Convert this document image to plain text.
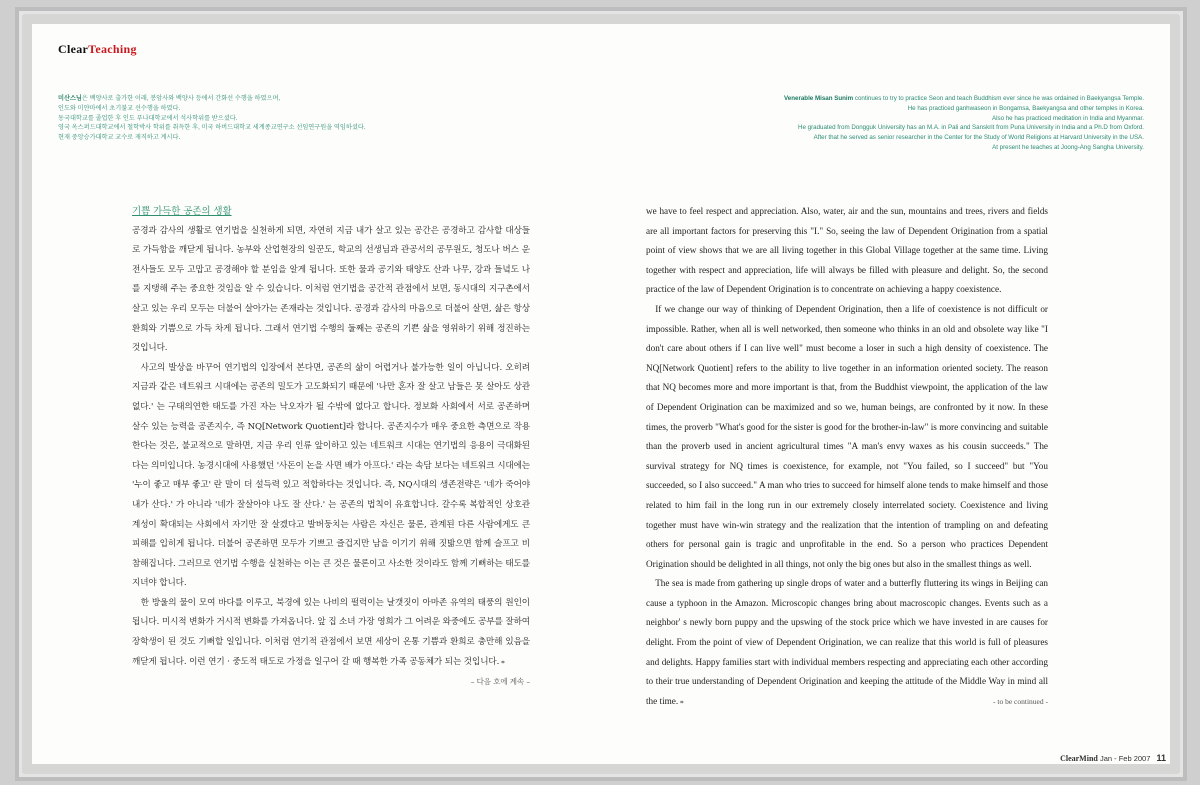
ClearTeaching
미산스님은 백양사로 출가한 이래, 봉암사와 백양사 등에서 간화선 수행을 하였으며,
인도와 미얀마에서 초기불교 선수행을 하였다.
동국대학교를 졸업한 후 인도 푸나대학교에서 석사학위를 받으셨다.
영국 옥스퍼드대학교에서 철학박사 학위를 취득한 후, 미국 하버드대학교 세계종교연구소 선임연구원을 역임하셨다.
현재 중앙승가대학교 교수로 재직하고 계시다.
Venerable Misan Sunim continues to try to practice Seon and teach Buddhism ever since he was ordained in Baekyangsa Temple.
He has practiced ganhwaseon in Bongamsa, Baekyangsa and other temples in Korea.
Also he has practiced meditation in India and Myanmar.
He graduated from Dongguk University has an M.A. in Pali and Sanskrit from Puna University in India and a Ph.D from Oxford.
After that he served as senior researcher in the Center for the Study of World Religions at Harvard University in the USA.
At present he teaches at Joong-Ang Sangha University.
기쁨 가득한 공존의 생활

공경과 감사의 생활로 연기법을 실천하게 되면, 자연히 지금 내가 살고 있는 공간은 공경하고 감사할 대상들로 가득함을 깨닫게 됩니다. 농부와 산업현장의 일꾼도, 학교의 선생님과 관공서의 공무원도, 청도나 버스 운전사들도 모두 고맙고 공경해야 할 분임을 알게 됩니다. 또한 물과 공기와 태양도 산과 나무, 강과 들녘도 나를 지탱해 주는 중요한 것임을 알 수 있습니다. 이처럼 연기법을 공간적 관점에서 보면, 동시대의 지구촌에서 살고 있는 우리 모두는 더불어 살아가는 존재라는 것입니다. 공경과 감사의 마음으로 더불어 살면, 삶은 항상 환희와 기쁨으로 가득 차게 됩니다. 그래서 연기법 수행의 둘째는 공존의 기쁜 삶을 영위하기 위해 정진하는 것입니다.

사고의 발상을 바꾸어 연기법의 입장에서 본다면, 공존의 삶이 어렵거나 불가능한 일이 아닙니다. 오히려 지금과 같은 네트워크 시대에는 공존의 밀도가 고도화되기 때문에 '나만 혼자 잘 살고 남들은 못 살아도 상관없다.' 는 구태의연한 태도를 가진 자는 낙오자가 될 수밖에 없다고 합니다. 정보화 사회에서 서로 공존하며 살수 있는 능력을 공존지수, 즉 NQ[Network Quotient]라 합니다. 공존지수가 매우 중요한 측면으로 작용한다는 것은, 불교적으로 말하면, 지금 우리 인류 앞이하고 있는 네트워크 시대는 연기법의 응용이 극대화된다는 의미입니다. 농경시대에 사용했던 '사돈이 논을 사면 배가 아프다.' 라는 속담 보다는 네트워크 시대에는 '누이 좋고 매부 좋고' 란 말이 더 설득력 있고 적합하다는 것입니다. 즉, NQ시대의 생존전략은 '네가 죽어야 내가 산다.' 가 아니라 '네가 잘살아야 나도 잘 산다.' 는 공존의 법칙이 유효합니다. 갈수록 복합적인 상호관계성이 확대되는 사회에서 자기만 잘 살겠다고 발버둥치는 사람은 자신은 물론, 관계된 다른 사람에게도 큰 피해를 입히게 됩니다. 더불어 공존하면 모두가 기쁘고 즐겁지만 남을 이기기 위해 짓밟으면 함께 슬프고 비참해집니다. 그러므로 연기법 수행을 실천하는 이는 큰 것은 물론이고 사소한 것이라도 함께 기뻐하는 태도를 지녀야 합니다.

한 방울의 물이 모여 바다를 이루고, 북경에 있는 나비의 펄럭이는 날갯짓이 아마존 유역의 태풍의 원인이 됩니다. 미시적 변화가 거시적 변화를 가져옵니다. 앞 집 소녀 가장 영희가 그 어려운 와중에도 공부를 잘하여 장학생이 된 것도 기뻐할 일입니다. 이처럼 연기적 관점에서 보면 세상이 온통 기쁨과 환희로 충만해 있음을 깨닫게 됩니다. 이런 연기 · 중도적 태도로 가정을 일구어 갈 때 행복한 가족 공동체가 되는 것입니다. ⌗
– 다음 호에 계속 –

we have to feel respect and appreciation. Also, water, air and the sun, mountains and trees, rivers and fields are all important factors for preserving this "I." So, seeing the law of Dependent Origination from a spatial point of view shows that we are all living together in this Global Village together at the same time. Living together with respect and appreciation, life will always be filled with pleasure and delight. So, the second practice of the law of Dependent Origination is to concentrate on achieving a happy coexistence.

If we change our way of thinking of Dependent Origination, then a life of coexistence is not difficult or impossible. Rather, when all is well networked, then someone who thinks in an old and obsolete way like "I don't care about others if I can live well" must become a loser in such a high density of coexistence. The NQ[Network Quotient] refers to the ability to live together in an information oriented society. The reason that NQ becomes more and more important is that, from the Buddhist viewpoint, the application of the law of Dependent Origination can be maximized and so we, human beings, are confronted by it now. In these times, the proverb "What's good for the sister is good for the brother-in-law" is more convincing and suitable than the proverb used in ancient agricultural times "A man's envy waxes as his cousin succeeds." The survival strategy for NQ times is coexistence, for example, not "You failed, so I succeed" but "You succeeded, so I also succeed." A man who tries to succeed for himself alone tends to make himself and those related to him fail in the long run in our extremely closely interrelated society. Coexistence and living together must have win-win strategy and the realization that the intention of trampling on and defeating others for personal gain is tragic and unprofitable in the end. So a person who practices Dependent Origination should be delighted in all things, not only the big ones but also in the smallest things as well.

The sea is made from gathering up single drops of water and a butterfly fluttering its wings in Beijing can cause a typhoon in the Amazon. Microscopic changes bring about macroscopic changes. Events such as a neighbor' s newly born puppy and the upswing of the stock price which we have invested in are causes for delight. From the point of view of Dependent Origination, we can realize that this world is full of pleasures and delights. Happy families start with individual members respecting and appreciating each other according to their true understanding of Dependent Origination and keeping the attitude of the Middle Way in mind all the time. ⌗	- to be continued -

ClearMind Jan - Feb 2007 11
